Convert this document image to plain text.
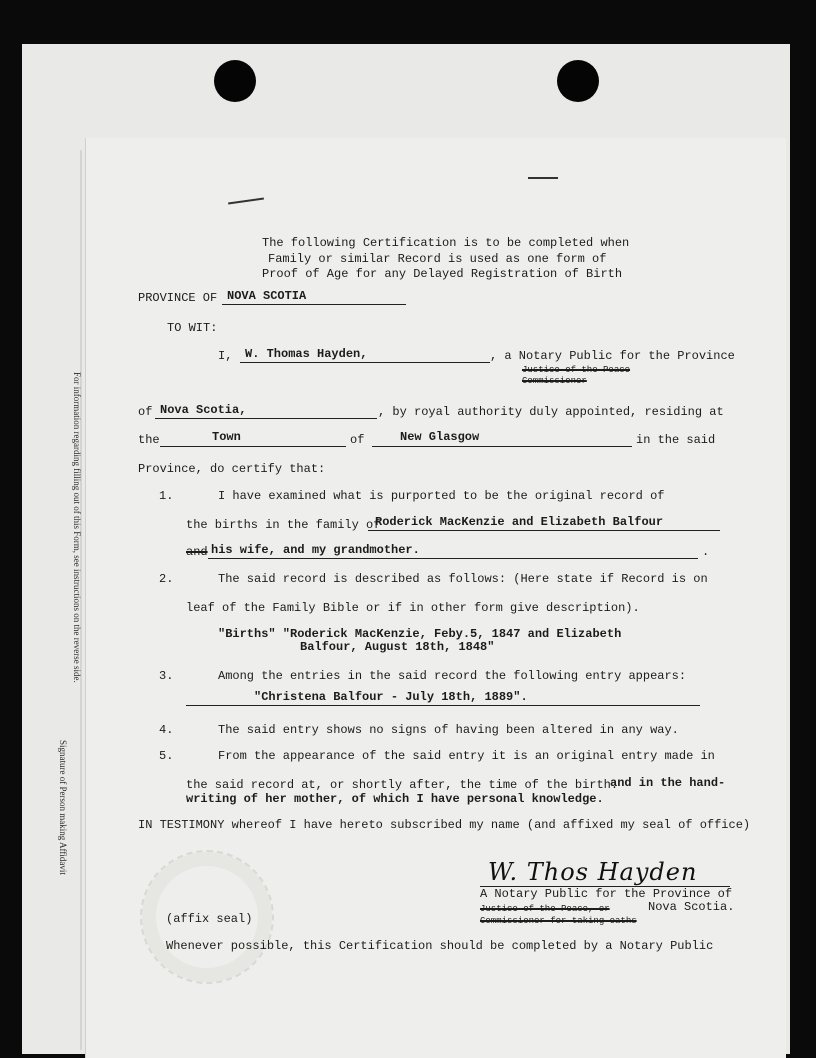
For information regarding filling out of this Form, see instructions on the reverse side.
Signature of Person making Affidavit
The following Certification is to be completed when
Family or similar Record is used as one form of
Proof of Age for any Delayed Registration of Birth
PROVINCE OF NOVA SCOTIA
TO WIT:
I, W. Thomas Hayden,	, a Notary Public for the Province
Justice of the Peace
Commissioner
of Nova Scotia,	, by royal authority duly appointed, residing at
the	Town	of	New Glasgow	in the said
Province, do certify that:
1.	I have examined what is purported to be the original record of
the births in the family of
Roderick MacKenzie and Elizabeth Balfour
and his wife, and my grandmother.	.
2.	The said record is described as follows: (Here state if Record is on
leaf of the Family Bible or if in other form give description).
"Births" "Roderick MacKenzie, Feby.5, 1847 and Elizabeth
Balfour, August 18th, 1848"
3.	Among the entries in the said record the following entry appears:
"Christena Balfour - July 18th, 1889".
4.	The said entry shows no signs of having been altered in any way.
5.	From the appearance of the said entry it is an original entry made in
the said record at, or shortly after, the time of the birth.
and in the hand-
writing of her mother, of which I have personal knowledge.
IN TESTIMONY whereof I have hereto subscribed my name (and affixed my seal of office)
W. Thos Hayden
A Notary Public for the Province of
Nova Scotia.
Justice of the Peace, or
Commissioner for taking oaths
(affix seal)
Whenever possible, this Certification should be completed by a Notary Public
